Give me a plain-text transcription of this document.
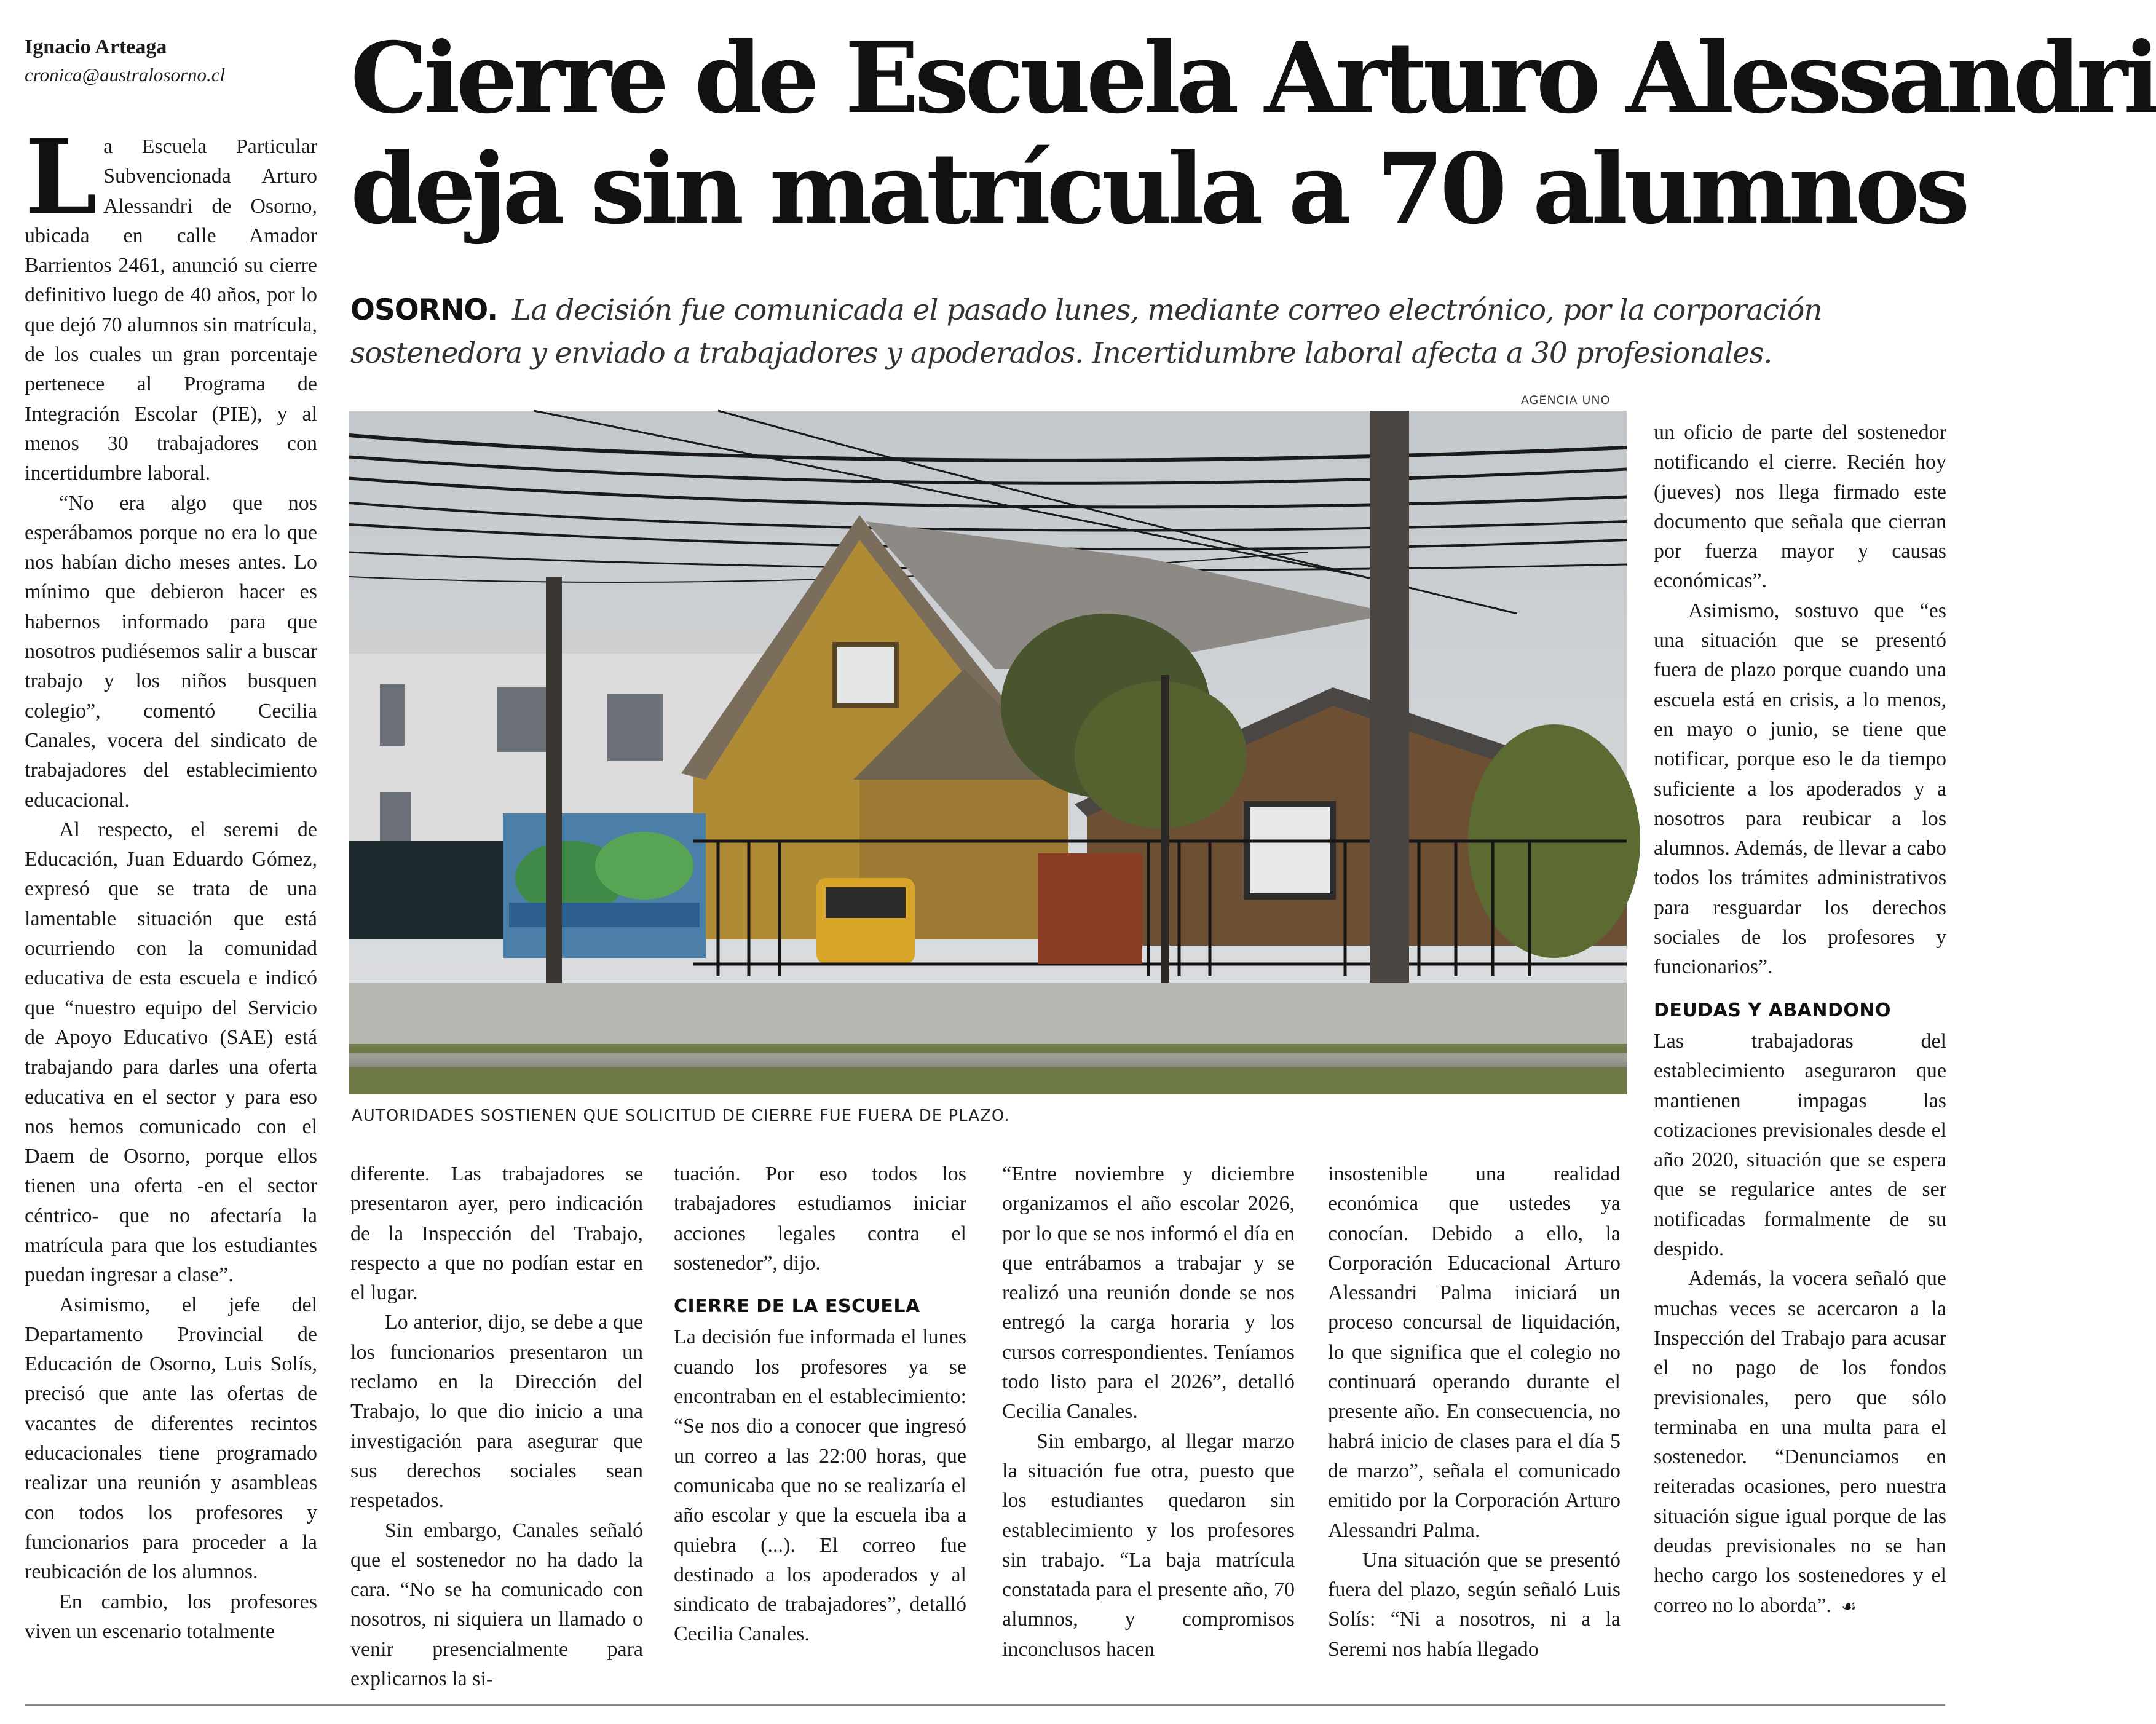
Ignacio Arteaga
cronica@australosorno.cl Cierre de Escuela Arturo Alessandri
deja sin matrícula a 70 alumnos

OSORNO. La decisión fue comunicada el pasado lunes, mediante correo electrónico, por la corporación sostenedora y enviado a trabajadores y apoderados. Incertidumbre laboral afecta a 30 profesionales.

AGENCIA UNO
AUTORIDADES SOSTIENEN QUE SOLICITUD DE CIERRE FUE FUERA DE PLAZO.

La Escuela Particular Subvencionada Arturo Alessandri de Osorno, ubicada en calle Amador Barrientos 2461, anunció su cierre definitivo luego de 40 años, por lo que dejó 70 alumnos sin matrícula, de los cuales un gran porcentaje pertenece al Programa de Integración Escolar (PIE), y al menos 30 trabajadores con incertidumbre laboral.

“No era algo que nos esperábamos porque no era lo que nos habían dicho meses antes. Lo mínimo que debieron hacer es habernos informado para que nosotros pudiésemos salir a buscar trabajo y los niños busquen colegio”, comentó Cecilia Canales, vocera del sindicato de trabajadores del establecimiento educacional.

Al respecto, el seremi de Educación, Juan Eduardo Gómez, expresó que se trata de una lamentable situación que está ocurriendo con la comunidad educativa de esta escuela e indicó que “nuestro equipo del Servicio de Apoyo Educativo (SAE) está trabajando para darles una oferta educativa en el sector y para eso nos hemos comunicado con el Daem de Osorno, porque ellos tienen una oferta -en el sector céntrico- que no afectaría la matrícula para que los estudiantes puedan ingresar a clase”.

Asimismo, el jefe del Departamento Provincial de Educación de Osorno, Luis Solís, precisó que ante las ofertas de vacantes de diferentes recintos educacionales tiene programado realizar una reunión y asambleas con todos los profesores y funcionarios para proceder a la reubicación de los alumnos.

En cambio, los profesores viven un escenario totalmente

diferente. Las trabajadores se presentaron ayer, pero indicación de la Inspección del Trabajo, respecto a que no podían estar en el lugar.

Lo anterior, dijo, se debe a que los funcionarios presentaron un reclamo en la Dirección del Trabajo, lo que dio inicio a una investigación para asegurar que sus derechos sociales sean respetados.

Sin embargo, Canales señaló que el sostenedor no ha dado la cara. “No se ha comunicado con nosotros, ni siquiera un llamado o venir presencialmente para explicarnos la si-

tuación. Por eso todos los trabajadores estudiamos iniciar acciones legales contra el sostenedor”, dijo.

CIERRE DE LA ESCUELA

La decisión fue informada el lunes cuando los profesores ya se encontraban en el establecimiento: “Se nos dio a conocer que ingresó un correo a las 22:00 horas, que comunicaba que no se realizaría el año escolar y que la escuela iba a quiebra (...). El correo fue destinado a los apoderados y al sindicato de trabajadores”, detalló Cecilia Canales.

“Entre noviembre y diciembre organizamos el año escolar 2026, por lo que se nos informó el día en que entrábamos a trabajar y se realizó una reunión donde se nos entregó la carga horaria y los cursos correspondientes. Teníamos todo listo para el 2026”, detalló Cecilia Canales.

Sin embargo, al llegar marzo la situación fue otra, puesto que los estudiantes quedaron sin establecimiento y los profesores sin trabajo. “La baja matrícula constatada para el presente año, 70 alumnos, y compromisos inconclusos hacen

insostenible una realidad económica que ustedes ya conocían. Debido a ello, la Corporación Educacional Arturo Alessandri Palma iniciará un proceso concursal de liquidación, lo que significa que el colegio no continuará operando durante el presente año. En consecuencia, no habrá inicio de clases para el día 5 de marzo”, señala el comunicado emitido por la Corporación Arturo Alessandri Palma.

Una situación que se presentó fuera del plazo, según señaló Luis Solís: “Ni a nosotros, ni a la Seremi nos había llegado

un oficio de parte del sostenedor notificando el cierre. Recién hoy (jueves) nos llega firmado este documento que señala que cierran por fuerza mayor y causas económicas”.

Asimismo, sostuvo que “es una situación que se presentó fuera de plazo porque cuando una escuela está en crisis, a lo menos, en mayo o junio, se tiene que notificar, porque eso le da tiempo suficiente a los apoderados y a nosotros para reubicar a los alumnos. Además, de llevar a cabo todos los trámites administrativos para resguardar los derechos sociales de los profesores y funcionarios”.

DEUDAS Y ABANDONO

Las trabajadoras del establecimiento aseguraron que mantienen impagas las cotizaciones previsionales desde el año 2020, situación que se espera que se regularice antes de ser notificadas formalmente de su despido.

Además, la vocera señaló que muchas veces se acercaron a la Inspección del Trabajo para acusar el no pago de los fondos previsionales, pero que sólo terminaba en una multa para el sostenedor. “Denunciamos en reiteradas ocasiones, pero nuestra situación sigue igual porque de las deudas previsionales no se han hecho cargo los sostenedores y el correo no lo aborda”. ☙
